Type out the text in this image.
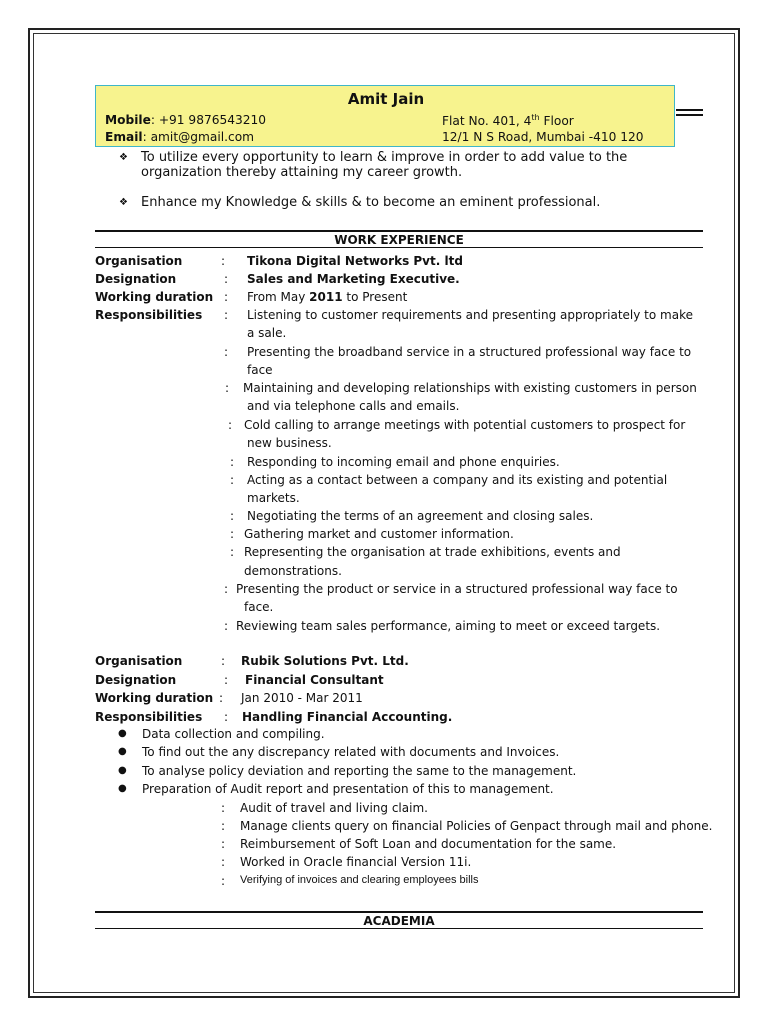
Amit Jain
Mobile: +91 9876543210
Email: amit@gmail.com
Flat No. 401, 4th Floor
12/1 N S Road, Mumbai -410 120
❖ To utilize every opportunity to learn & improve in order to add value to the
organization thereby attaining my career growth.
❖ Enhance my Knowledge & skills & to become an eminent professional.
WORK EXPERIENCE
Organisation	: Tikona Digital Networks Pvt. ltd
Designation	: Sales and Marketing Executive.
Working duration : From May 2011 to Present
Responsibilities : Listening to customer requirements and presenting appropriately to make
a sale.
: Presenting the broadband service in a structured professional way face to
face
: Maintaining and developing relationships with existing customers in person
and via telephone calls and emails.
: Cold calling to arrange meetings with potential customers to prospect for
new business.
: Responding to incoming email and phone enquiries.
: Acting as a contact between a company and its existing and potential
markets.
: Negotiating the terms of an agreement and closing sales.
: Gathering market and customer information.
: Representing the organisation at trade exhibitions, events and
demonstrations.
: Presenting the product or service in a structured professional way face to
face.
: Reviewing team sales performance, aiming to meet or exceed targets.
Organisation	: Rubik Solutions Pvt. Ltd.
Designation	: Financial Consultant
Working duration : Jan 2010 - Mar 2011
Responsibilities : Handling Financial Accounting.
● Data collection and compiling.
● To find out the any discrepancy related with documents and Invoices.
● To analyse policy deviation and reporting the same to the management.
● Preparation of Audit report and presentation of this to management.
: Audit of travel and living claim.
: Manage clients query on financial Policies of Genpact through mail and phone.
: Reimbursement of Soft Loan and documentation for the same.
: Worked in Oracle financial Version 11i.
: Verifying of invoices and clearing employees bills
ACADEMIA
